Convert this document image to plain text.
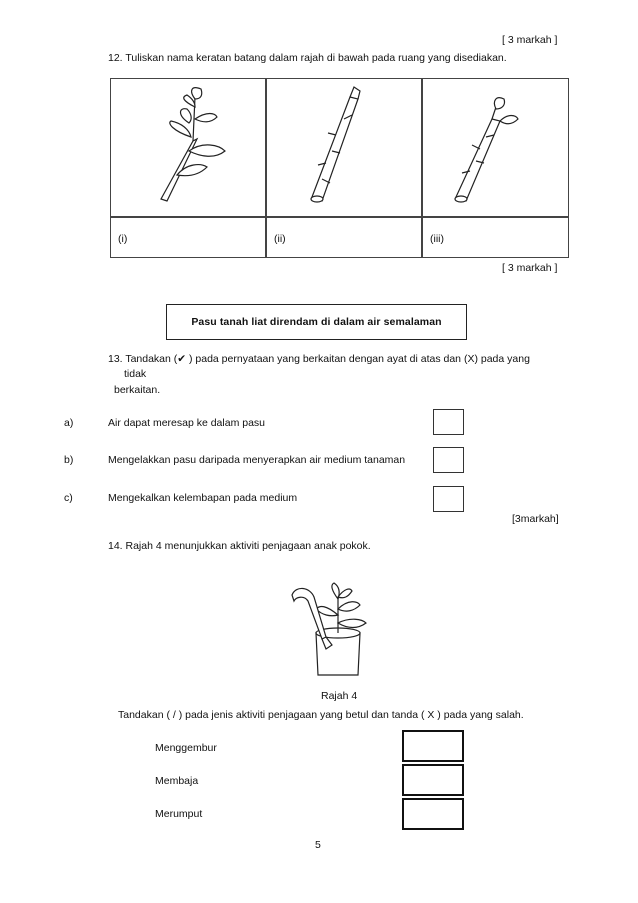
[ 3 markah ]
12. Tuliskan nama keratan batang dalam rajah di bawah pada ruang yang disediakan.
(i)	(ii)	(iii)
[ 3 markah ]
Pasu tanah liat direndam di dalam air semalaman
13. Tandakan (✔ ) pada pernyataan yang berkaitan dengan ayat di atas dan (X) pada yang
tidak
berkaitan.
a)	Air dapat meresap ke dalam pasu
b)	Mengelakkan pasu daripada menyerapkan air medium tanaman
c)	Mengekalkan kelembapan pada medium
[3markah]
14. Rajah 4 menunjukkan aktiviti penjagaan anak pokok.
Rajah 4
Tandakan ( / ) pada jenis aktiviti penjagaan yang betul dan tanda ( X ) pada yang salah.
Menggembur
Membaja
Merumput
5
